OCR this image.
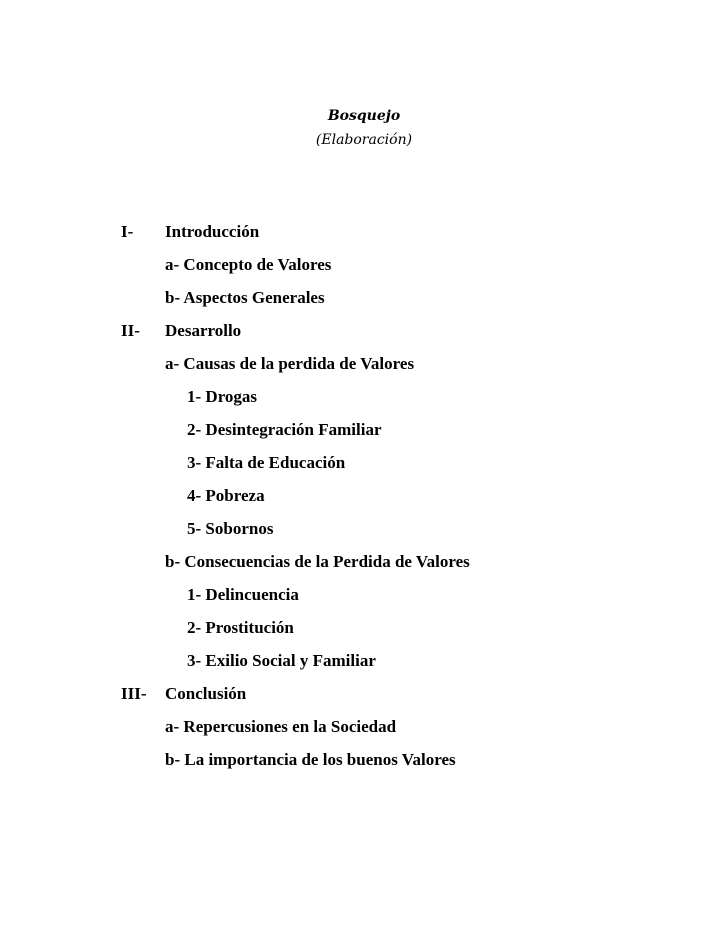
Bosquejo
(Elaboración)
I- Introducción
a- Concepto de Valores
b- Aspectos Generales
II- Desarrollo
a- Causas de la perdida de Valores
1- Drogas
2- Desintegración Familiar
3- Falta de Educación
4- Pobreza
5- Sobornos
b- Consecuencias de la Perdida de Valores
1- Delincuencia
2- Prostitución
3- Exilio Social y Familiar
III- Conclusión
a- Repercusiones en la Sociedad
b- La importancia de los buenos Valores
